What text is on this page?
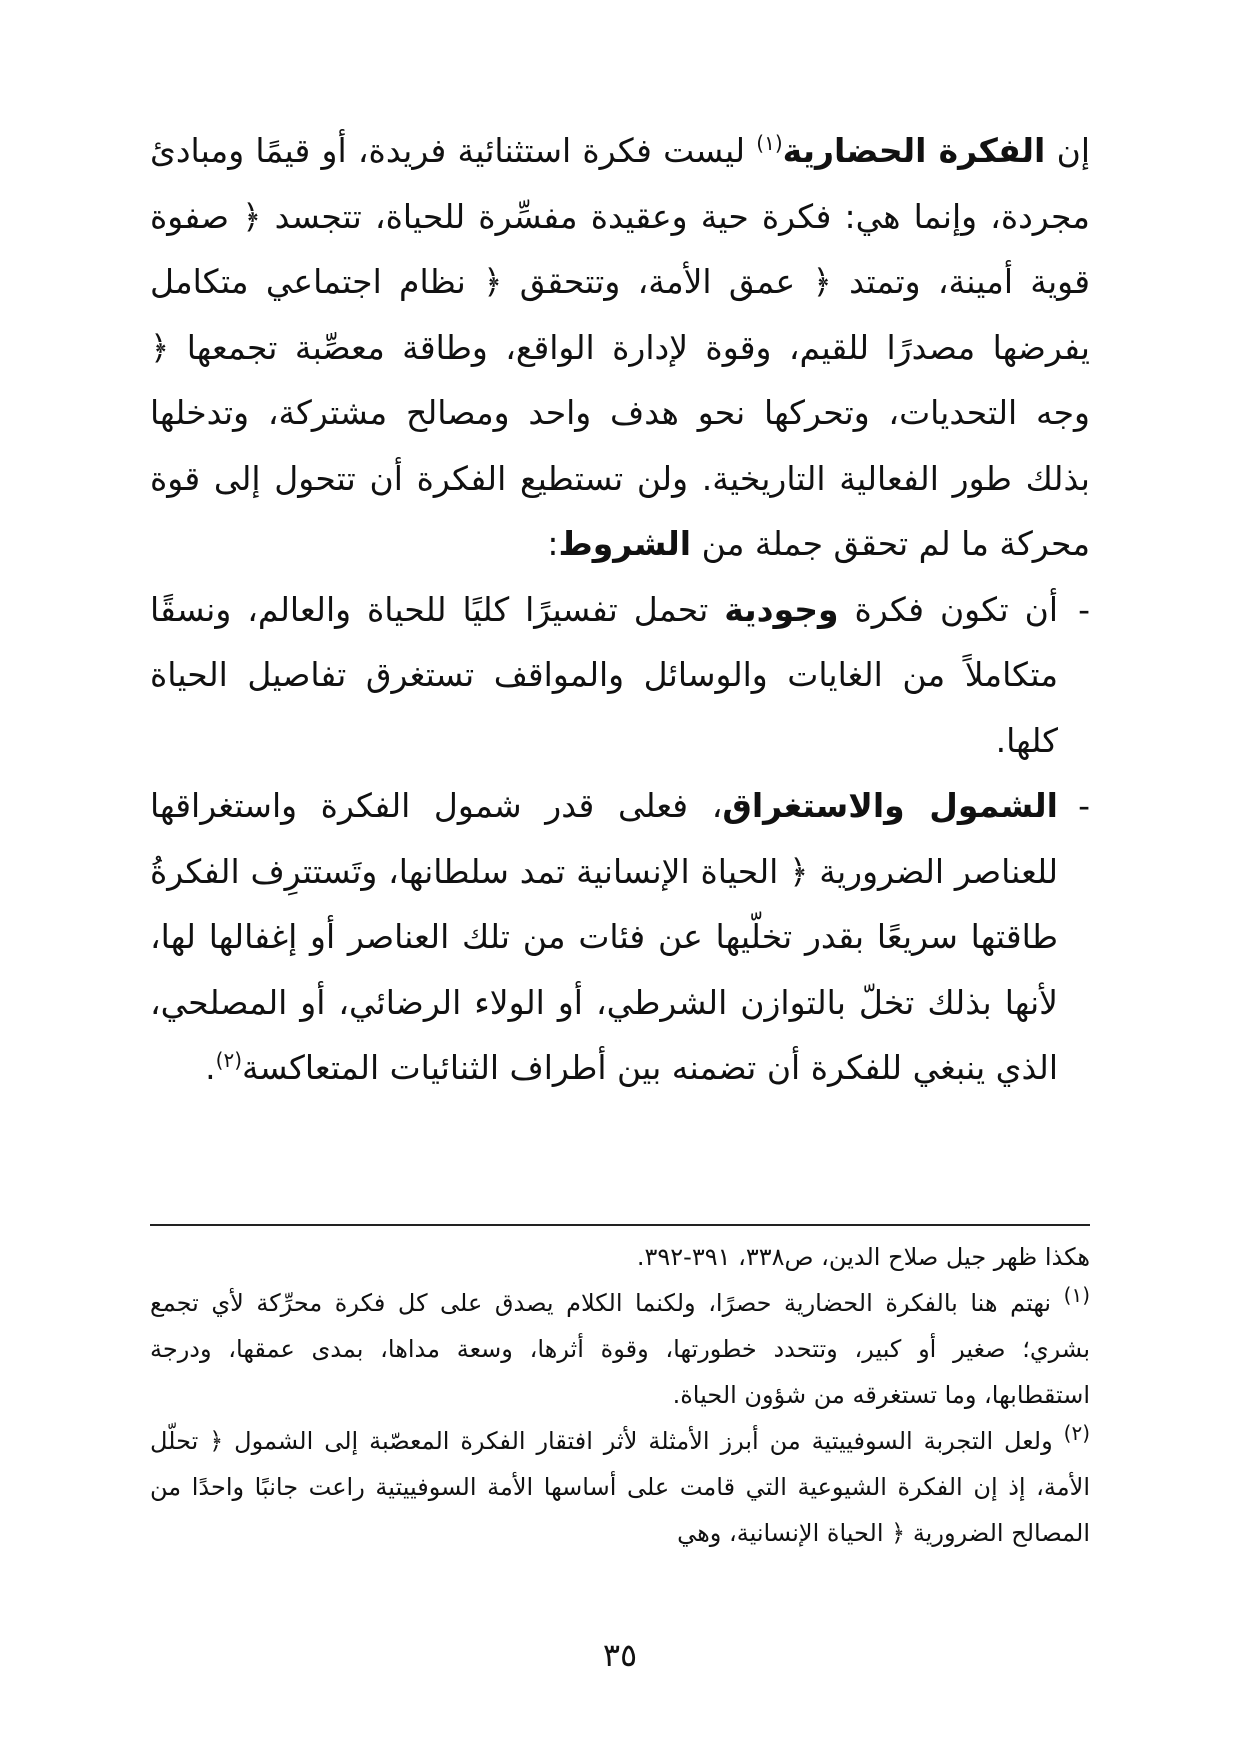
إن الفكرة الحضارية$^{(١)}$ ليست فكرة استثنائية فريدة، أو قيمًا ومبادئ مجردة، وإنما هي: فكرة حية وعقيدة مفسِّرة للحياة، تتجسد ﴿ صفوة قوية أمينة، وتمتد ﴿ عمق الأمة، وتتحقق ﴿ نظام اجتماعي متكامل يفرضها مصدرًا للقيم، وقوة لإدارة الواقع، وطاقة معصِّبة تجمعها ﴿ وجه التحديات، وتحركها نحو هدف واحد ومصالح مشتركة، وتدخلها بذلك طور الفعالية التاريخية. ولن تستطيع الفكرة أن تتحول إلى قوة محركة ما لم تحقق جملة من الشروط:

-
أن تكون فكرة وجودية تحمل تفسيرًا كليًا للحياة والعالم، ونسقًا متكاملاً من الغايات والوسائل والمواقف تستغرق تفاصيل الحياة كلها.

-
الشمول والاستغراق، فعلى قدر شمول الفكرة واستغراقها للعناصر الضرورية ﴿ الحياة الإنسانية تمد سلطانها، وتَستترِف الفكرةُ طاقتها سريعًا بقدر تخلّيها عن فئات من تلك العناصر أو إغفالها لها، لأنها بذلك تخلّ بالتوازن الشرطي، أو الولاء الرضائي، أو المصلحي، الذي ينبغي للفكرة أن تضمنه بين أطراف الثنائيات المتعاكسة$^{(٢)}$.

هكذا ظهر جيل صلاح الدين، ص٣٣٨، ٣٩١-٣٩٢.

$^{(١)}$ نهتم هنا بالفكرة الحضارية حصرًا، ولكنما الكلام يصدق على كل فكرة محرِّكة لأي تجمع بشري؛ صغير أو كبير، وتتحدد خطورتها، وقوة أثرها، وسعة مداها، بمدى عمقها، ودرجة استقطابها، وما تستغرقه من شؤون الحياة.

$^{(٢)}$ ولعل التجربة السوفييتية من أبرز الأمثلة لأثر افتقار الفكرة المعصّبة إلى الشمول ﴿ تحلّل الأمة، إذ إن الفكرة الشيوعية التي قامت على أساسها الأمة السوفييتية راعت جانبًا واحدًا من المصالح الضرورية ﴿ الحياة الإنسانية، وهي

٣٥
